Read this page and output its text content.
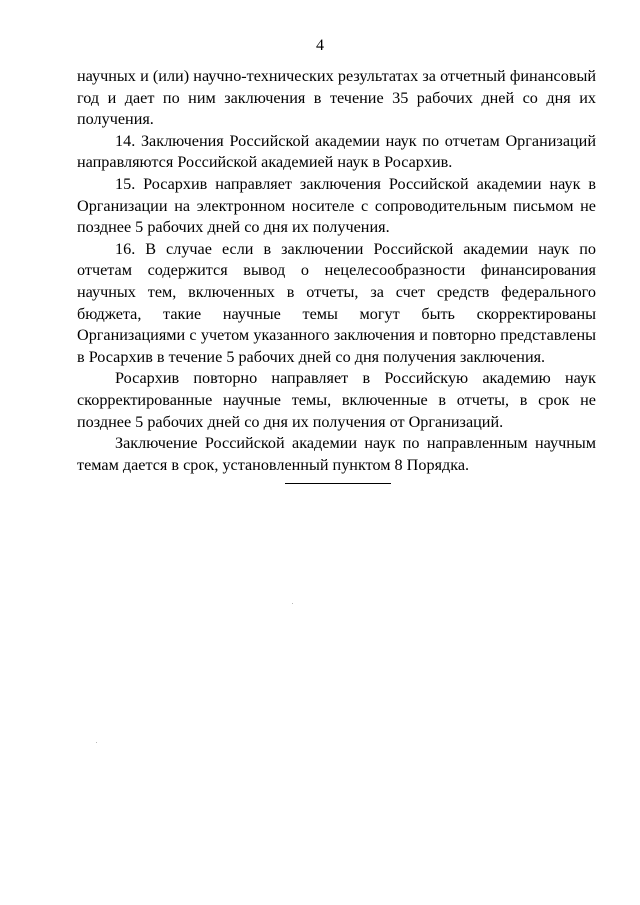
4

научных и (или) научно-технических результатах за отчетный финансовый год и дает по ним заключения в течение 35 рабочих дней со дня их получения.

14. Заключения Российской академии наук по отчетам Организаций направляются Российской академией наук в Росархив.

15. Росархив направляет заключения Российской академии наук в Организации на электронном носителе с сопроводительным письмом не позднее 5 рабочих дней со дня их получения.

16. В случае если в заключении Российской академии наук по отчетам содержится вывод о нецелесообразности финансирования научных тем, включенных в отчеты, за счет средств федерального бюджета, такие научные темы могут быть скорректированы Организациями с учетом указанного заключения и повторно представлены в Росархив в течение 5 рабочих дней со дня получения заключения.

Росархив повторно направляет в Российскую академию наук скорректированные научные темы, включенные в отчеты, в срок не позднее 5 рабочих дней со дня их получения от Организаций.

Заключение Российской академии наук по направленным научным темам дается в срок, установленный пунктом 8 Порядка.
